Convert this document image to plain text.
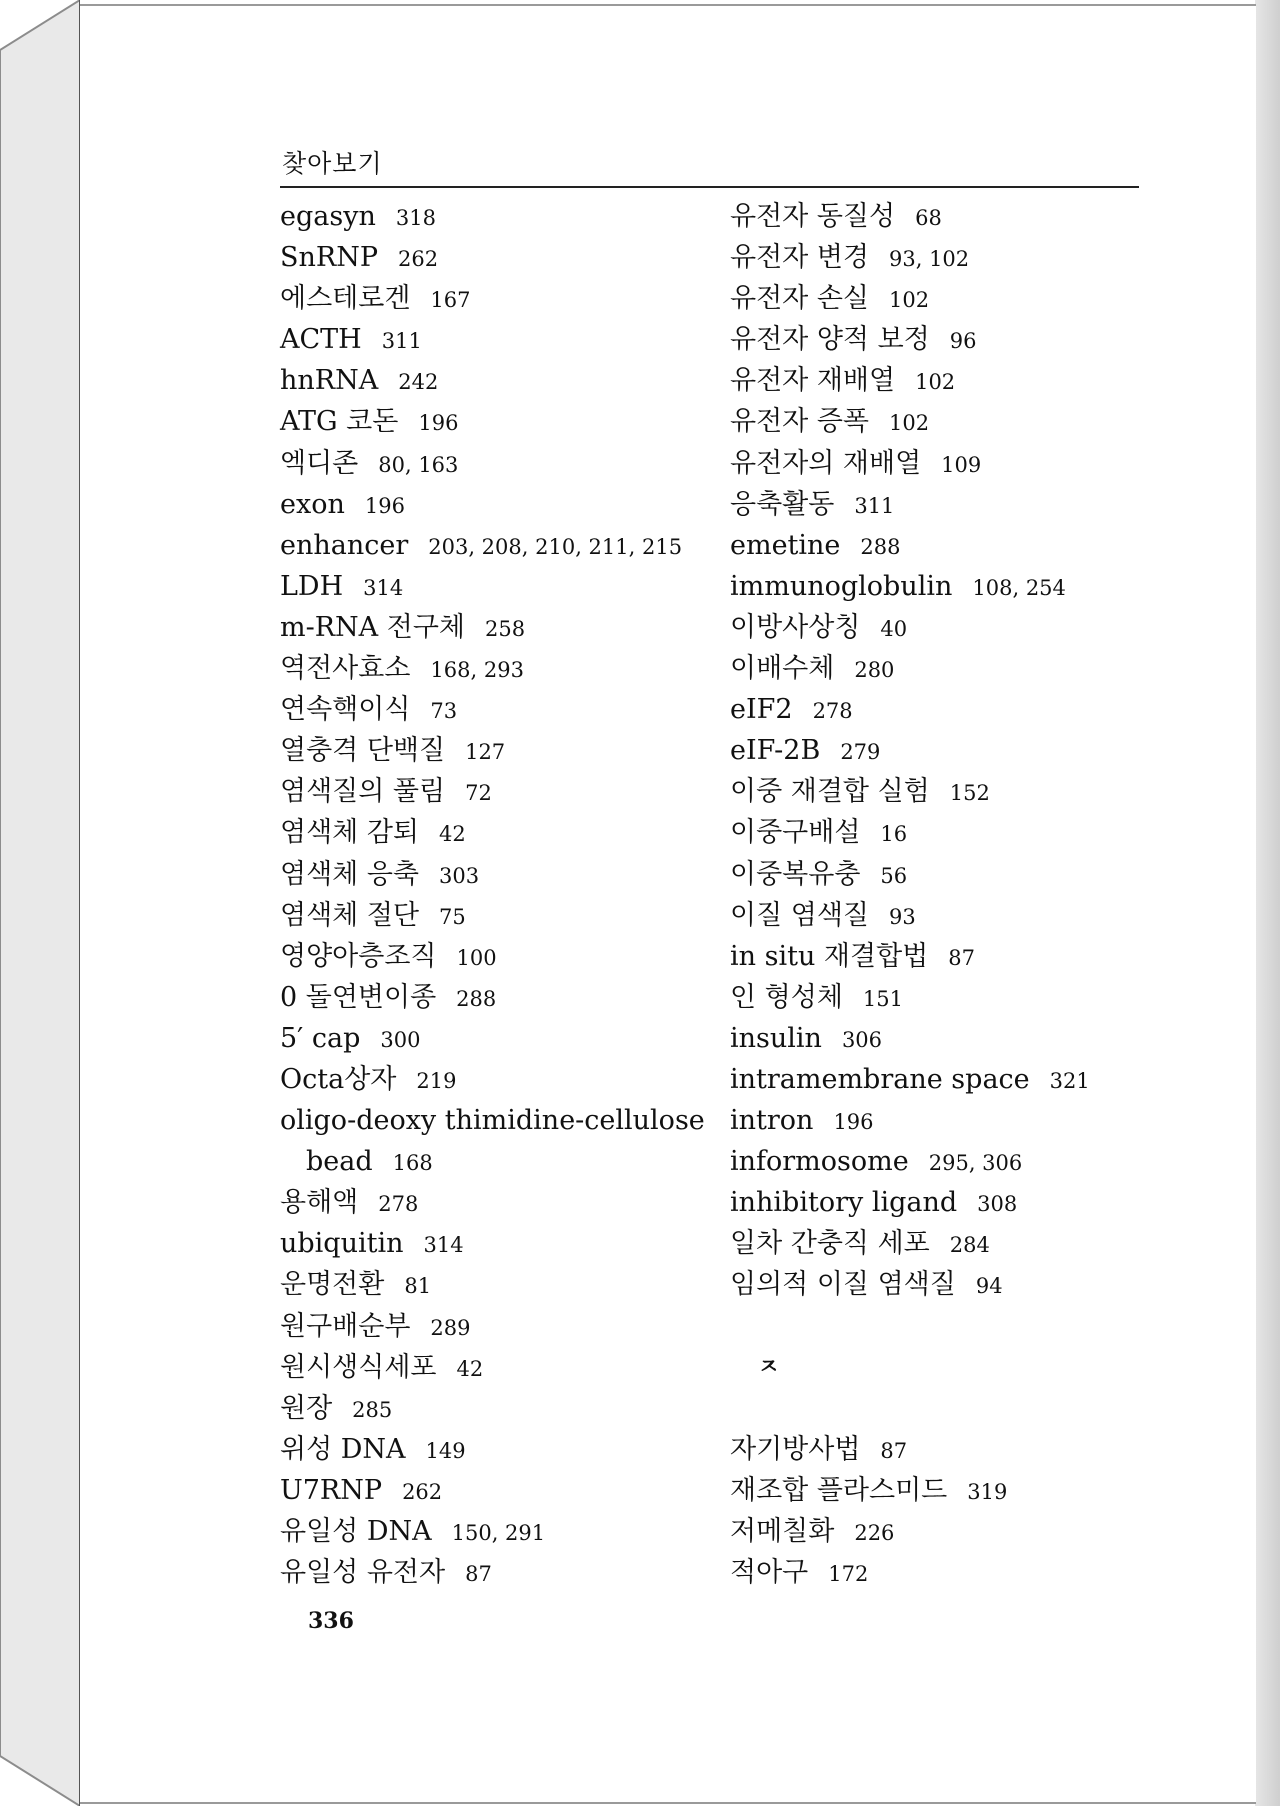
찾아보기
egasyn 318
SnRNP 262
에스테로겐 167
ACTH 311
hnRNA 242
ATG 코돈 196
엑디존 80, 163
exon 196
enhancer 203, 208, 210, 211, 215
LDH 314
m-RNA 전구체 258
역전사효소 168, 293
연속핵이식 73
열충격 단백질 127
염색질의 풀림 72
염색체 감퇴 42
염색체 응축 303
염색체 절단 75
영양아층조직 100
0 돌연변이종 288
5′ cap 300
Octa상자 219
oligo-deoxy thimidine-cellulose
bead 168
용해액 278
ubiquitin 314
운명전환 81
원구배순부 289
원시생식세포 42
원장 285
위성 DNA 149
U7RNP 262
유일성 DNA 150, 291
유일성 유전자 87
유전자 동질성 68
유전자 변경 93, 102
유전자 손실 102
유전자 양적 보정 96
유전자 재배열 102
유전자 증폭 102
유전자의 재배열 109
응축활동 311
emetine 288
immunoglobulin 108, 254
이방사상칭 40
이배수체 280
eIF2 278
eIF-2B 279
이중 재결합 실험 152
이중구배설 16
이중복유충 56
이질 염색질 93
in situ 재결합법 87
인 형성체 151
insulin 306
intramembrane space 321
intron 196
informosome 295, 306
inhibitory ligand 308
일차 간충직 세포 284
임의적 이질 염색질 94
ㅈ
자기방사법 87
재조합 플라스미드 319
저메칠화 226
적아구 172
336
